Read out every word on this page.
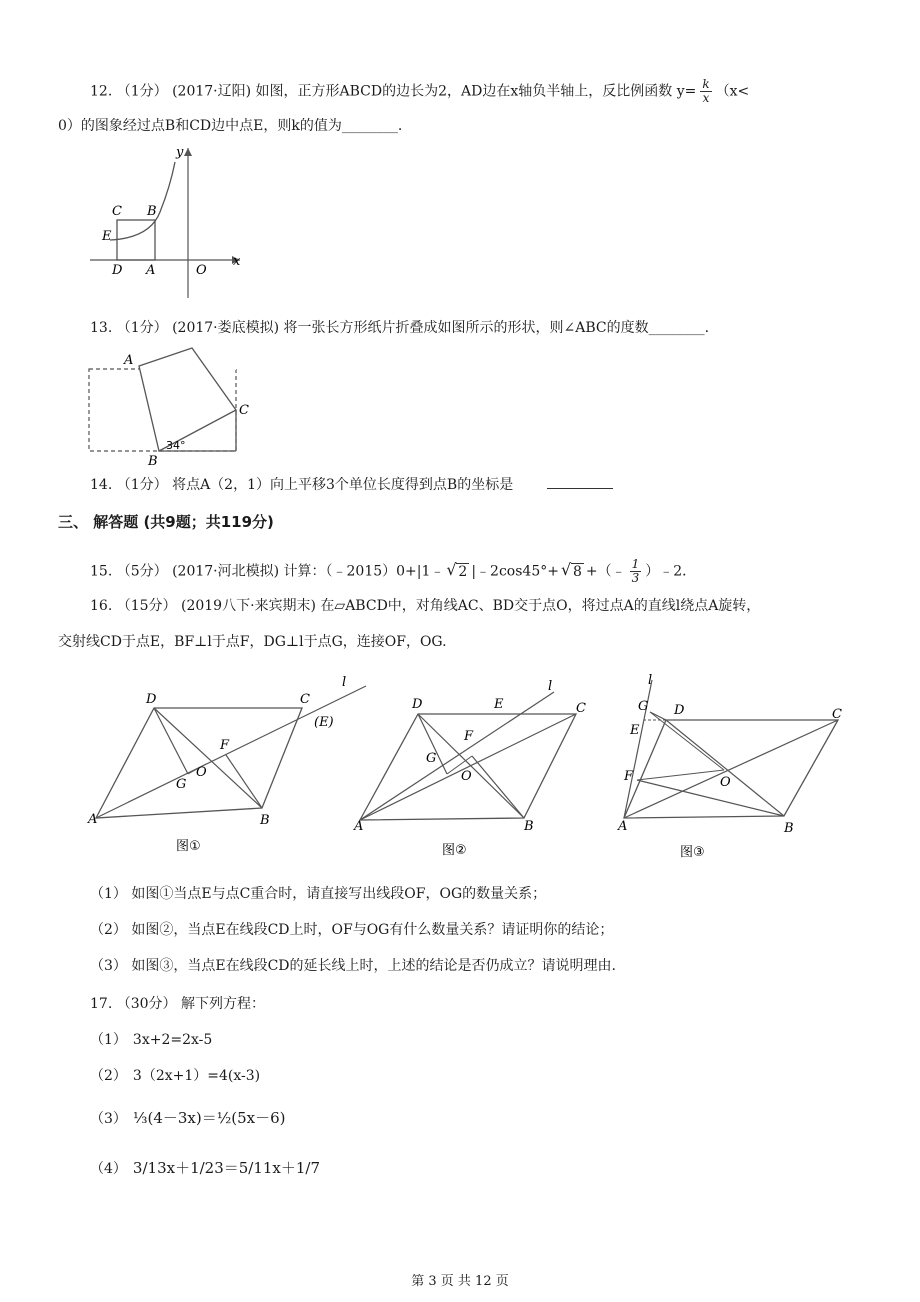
12. （1分） (2017·辽阳) 如图，正方形ABCD的边长为2，AD边在x轴负半轴上，反比例函数 $y= \frac{k}{x} (x<$
0）的图象经过点B和CD边中点E，则k的值为________.
C B
E
D A	O
x
y
13. （1分） (2017·娄底模拟) 将一张长方形纸片折叠成如图所示的形状，则∠ABC的度数________.
A
C
B
34°
14. （1分） 将点A（2，1）向上平移3个单位长度得到点B的坐标是
三、 解答题 (共9题；共119分)
15. （5分） (2017·河北模拟) 计算：（﹣2015）0+|1﹣ √ 2 |﹣2cos45°+ √ 8 +（﹣ $\frac{1}{3}$ ）﹣2．
16. （15分） (2019八下·来宾期末) 在▱ABCD中，对角线AC、BD交于点O，将过点A的直线l绕点A旋转，
交射线CD于点E，BF⊥l于点F，DG⊥l于点G，连接OF，OG.
A
D	C
(E)
B
F
G
O
l
图①
A
D	E	C
B
F
G
O
l
图②
A
G D
E
C
B
F	O
l
图③
（1） 如图①当点E与点C重合时，请直接写出线段OF，OG的数量关系；
（2） 如图②，当点E在线段CD上时，OF与OG有什么数量关系？请证明你的结论；
（3） 如图③，当点E在线段CD的延长线上时，上述的结论是否仍成立？请说明理由.
17. （30分） 解下列方程：
（1） 3x+2=2x-5
（2） 3（2x+1）=4(x-3)
（3） ⅓(4－3x)＝½(5x－6)
（4） 3/13x＋1/23＝5/11x＋1/7
第 3 页 共 12 页
